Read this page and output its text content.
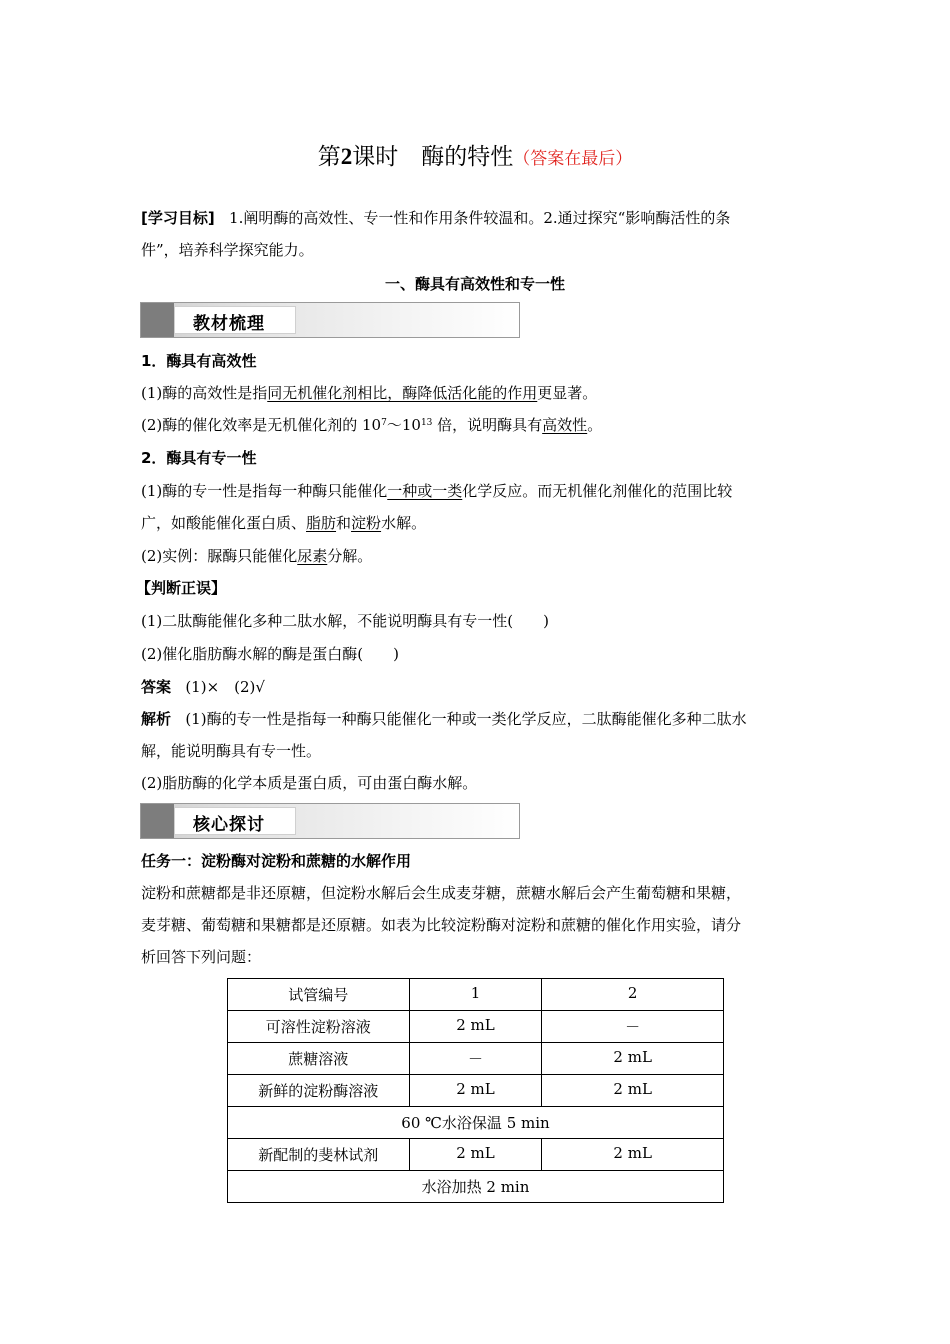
第2课时　酶的特性（答案在最后）
[学习目标] 1.阐明酶的高效性、专一性和作用条件较温和。2.通过探究“影响酶活性的条
件”，培养科学探究能力。
一、酶具有高效性和专一性
教材梳理
1．酶具有高效性
(1)酶的高效性是指同无机催化剂相比，酶降低活化能的作用更显著。
(2)酶的催化效率是无机催化剂的 $10^7\sim 10^{13}$ 倍，说明酶具有高效性。
2．酶具有专一性
(1)酶的专一性是指每一种酶只能催化一种或一类化学反应。而无机催化剂催化的范围比较
广，如酸能催化蛋白质、脂肪和淀粉水解。
(2)实例：脲酶只能催化尿素分解。
【判断正误】
(1)二肽酶能催化多种二肽水解，不能说明酶具有专一性(　　)
(2)催化脂肪酶水解的酶是蛋白酶(　　)
答案 (1)×　(2)√
解析 (1)酶的专一性是指每一种酶只能催化一种或一类化学反应，二肽酶能催化多种二肽水
解，能说明酶具有专一性。
(2)脂肪酶的化学本质是蛋白质，可由蛋白酶水解。
核心探讨
任务一：淀粉酶对淀粉和蔗糖的水解作用
淀粉和蔗糖都是非还原糖，但淀粉水解后会生成麦芽糖，蔗糖水解后会产生葡萄糖和果糖，
麦芽糖、葡萄糖和果糖都是还原糖。如表为比较淀粉酶对淀粉和蔗糖的催化作用实验，请分
析回答下列问题：
试管编号	1	2
可溶性淀粉溶液	2 mL	－
蔗糖溶液	－	2 mL
新鲜的淀粉酶溶液	2 mL	2 mL
60 ℃水浴保温 5 min		
新配制的斐林试剂	2 mL	2 mL
水浴加热 2 min		
